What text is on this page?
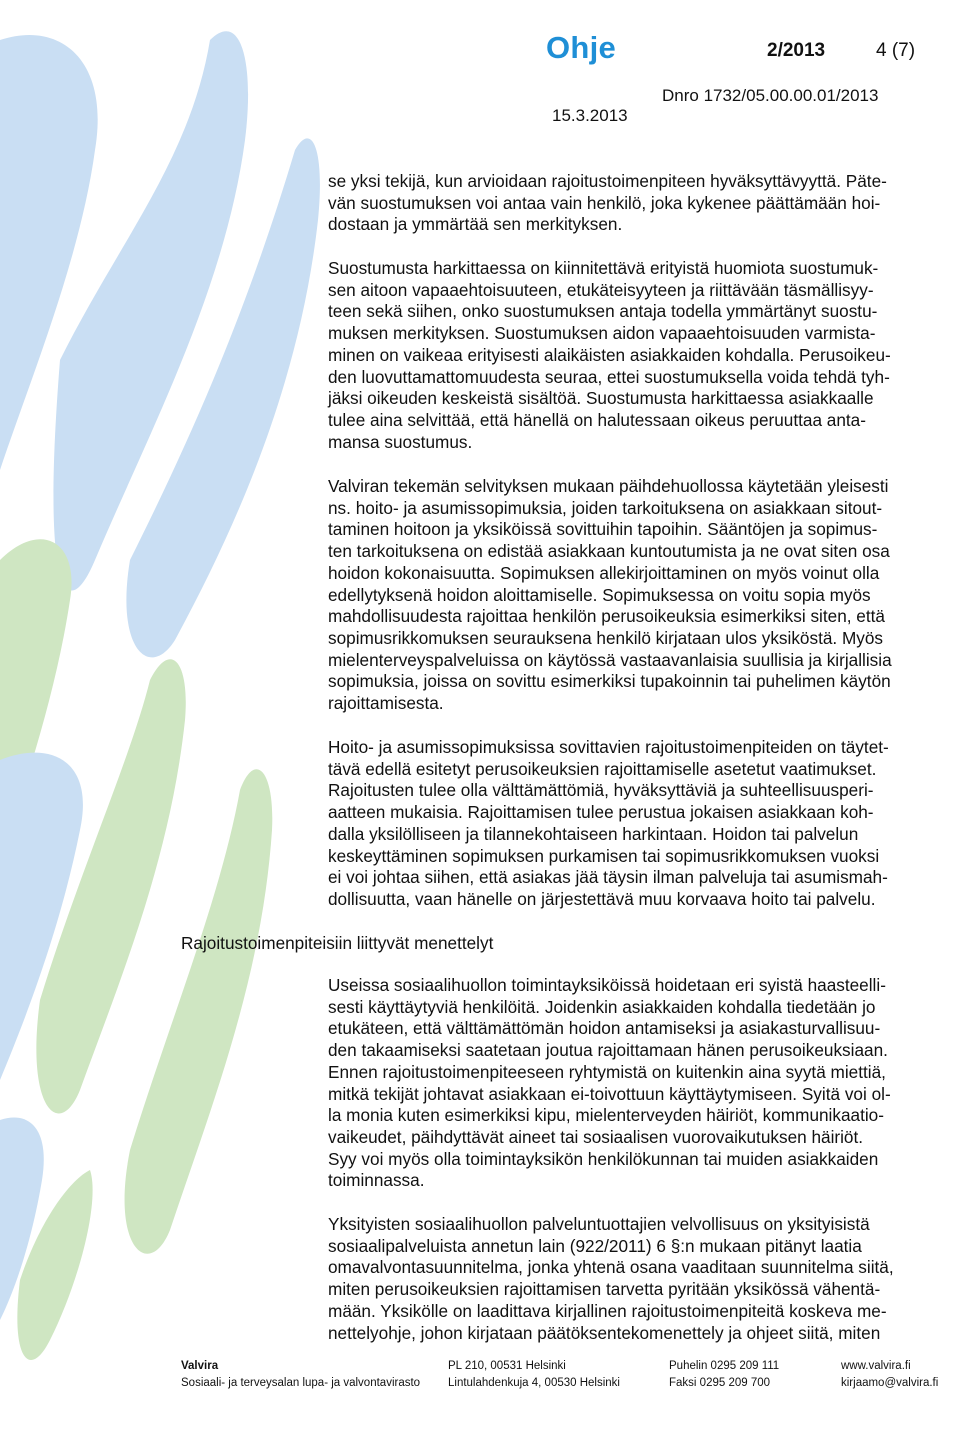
Ohje	2/2013	4 (7)
Dnro 1732/05.00.00.01/2013
15.3.2013
se yksi tekijä, kun arvioidaan rajoitustoimenpiteen hyväksyttävyyttä. Päte-
vän suostumuksen voi antaa vain henkilö, joka kykenee päättämään hoi-
dostaan ja ymmärtää sen merkityksen.
Suostumusta harkittaessa on kiinnitettävä erityistä huomiota suostumuk-
sen aitoon vapaaehtoisuuteen, etukäteisyyteen ja riittävään täsmällisyy-
teen sekä siihen, onko suostumuksen antaja todella ymmärtänyt suostu-
muksen merkityksen. Suostumuksen aidon vapaaehtoisuuden varmista-
minen on vaikeaa erityisesti alaikäisten asiakkaiden kohdalla. Perusoikeu-
den luovuttamattomuudesta seuraa, ettei suostumuksella voida tehdä tyh-
jäksi oikeuden keskeistä sisältöä. Suostumusta harkittaessa asiakkaalle
tulee aina selvittää, että hänellä on halutessaan oikeus peruuttaa anta-
mansa suostumus.
Valviran tekemän selvityksen mukaan päihdehuollossa käytetään yleisesti
ns. hoito- ja asumissopimuksia, joiden tarkoituksena on asiakkaan sitout-
taminen hoitoon ja yksiköissä sovittuihin tapoihin. Sääntöjen ja sopimus-
ten tarkoituksena on edistää asiakkaan kuntoutumista ja ne ovat siten osa
hoidon kokonaisuutta. Sopimuksen allekirjoittaminen on myös voinut olla
edellytyksenä hoidon aloittamiselle. Sopimuksessa on voitu sopia myös
mahdollisuudesta rajoittaa henkilön perusoikeuksia esimerkiksi siten, että
sopimusrikkomuksen seurauksena henkilö kirjataan ulos yksiköstä. Myös
mielenterveyspalveluissa on käytössä vastaavanlaisia suullisia ja kirjallisia
sopimuksia, joissa on sovittu esimerkiksi tupakoinnin tai puhelimen käytön
rajoittamisesta.
Hoito- ja asumissopimuksissa sovittavien rajoitustoimenpiteiden on täytet-
tävä edellä esitetyt perusoikeuksien rajoittamiselle asetetut vaatimukset.
Rajoitusten tulee olla välttämättömiä, hyväksyttäviä ja suhteellisuusperi-
aatteen mukaisia. Rajoittamisen tulee perustua jokaisen asiakkaan koh-
dalla yksilölliseen ja tilannekohtaiseen harkintaan. Hoidon tai palvelun
keskeyttäminen sopimuksen purkamisen tai sopimusrikkomuksen vuoksi
ei voi johtaa siihen, että asiakas jää täysin ilman palveluja tai asumismah-
dollisuutta, vaan hänelle on järjestettävä muu korvaava hoito tai palvelu.
Rajoitustoimenpiteisiin liittyvät menettelyt
Useissa sosiaalihuollon toimintayksiköissä hoidetaan eri syistä haasteelli-
sesti käyttäytyviä henkilöitä. Joidenkin asiakkaiden kohdalla tiedetään jo
etukäteen, että välttämättömän hoidon antamiseksi ja asiakasturvallisuu-
den takaamiseksi saatetaan joutua rajoittamaan hänen perusoikeuksiaan.
Ennen rajoitustoimenpiteeseen ryhtymistä on kuitenkin aina syytä miettiä,
mitkä tekijät johtavat asiakkaan ei-toivottuun käyttäytymiseen. Syitä voi ol-
la monia kuten esimerkiksi kipu, mielenterveyden häiriöt, kommunikaatio-
vaikeudet, päihdyttävät aineet tai sosiaalisen vuorovaikutuksen häiriöt.
Syy voi myös olla toimintayksikön henkilökunnan tai muiden asiakkaiden
toiminnassa.
Yksityisten sosiaalihuollon palveluntuottajien velvollisuus on yksityisistä
sosiaalipalveluista annetun lain (922/2011) 6 §:n mukaan pitänyt laatia
omavalvontasuunnitelma, jonka yhtenä osana vaaditaan suunnitelma siitä,
miten perusoikeuksien rajoittamisen tarvetta pyritään yksikössä vähentä-
mään. Yksikölle on laadittava kirjallinen rajoitustoimenpiteitä koskeva me-
nettelyohje, johon kirjataan päätöksentekomenettely ja ohjeet siitä, miten
Valvira
Sosiaali- ja terveysalan lupa- ja valvontavirasto
PL 210, 00531 Helsinki
Lintulahdenkuja 4, 00530 Helsinki
Puhelin 0295 209 111
Faksi 0295 209 700
www.valvira.fi
kirjaamo@valvira.fi
